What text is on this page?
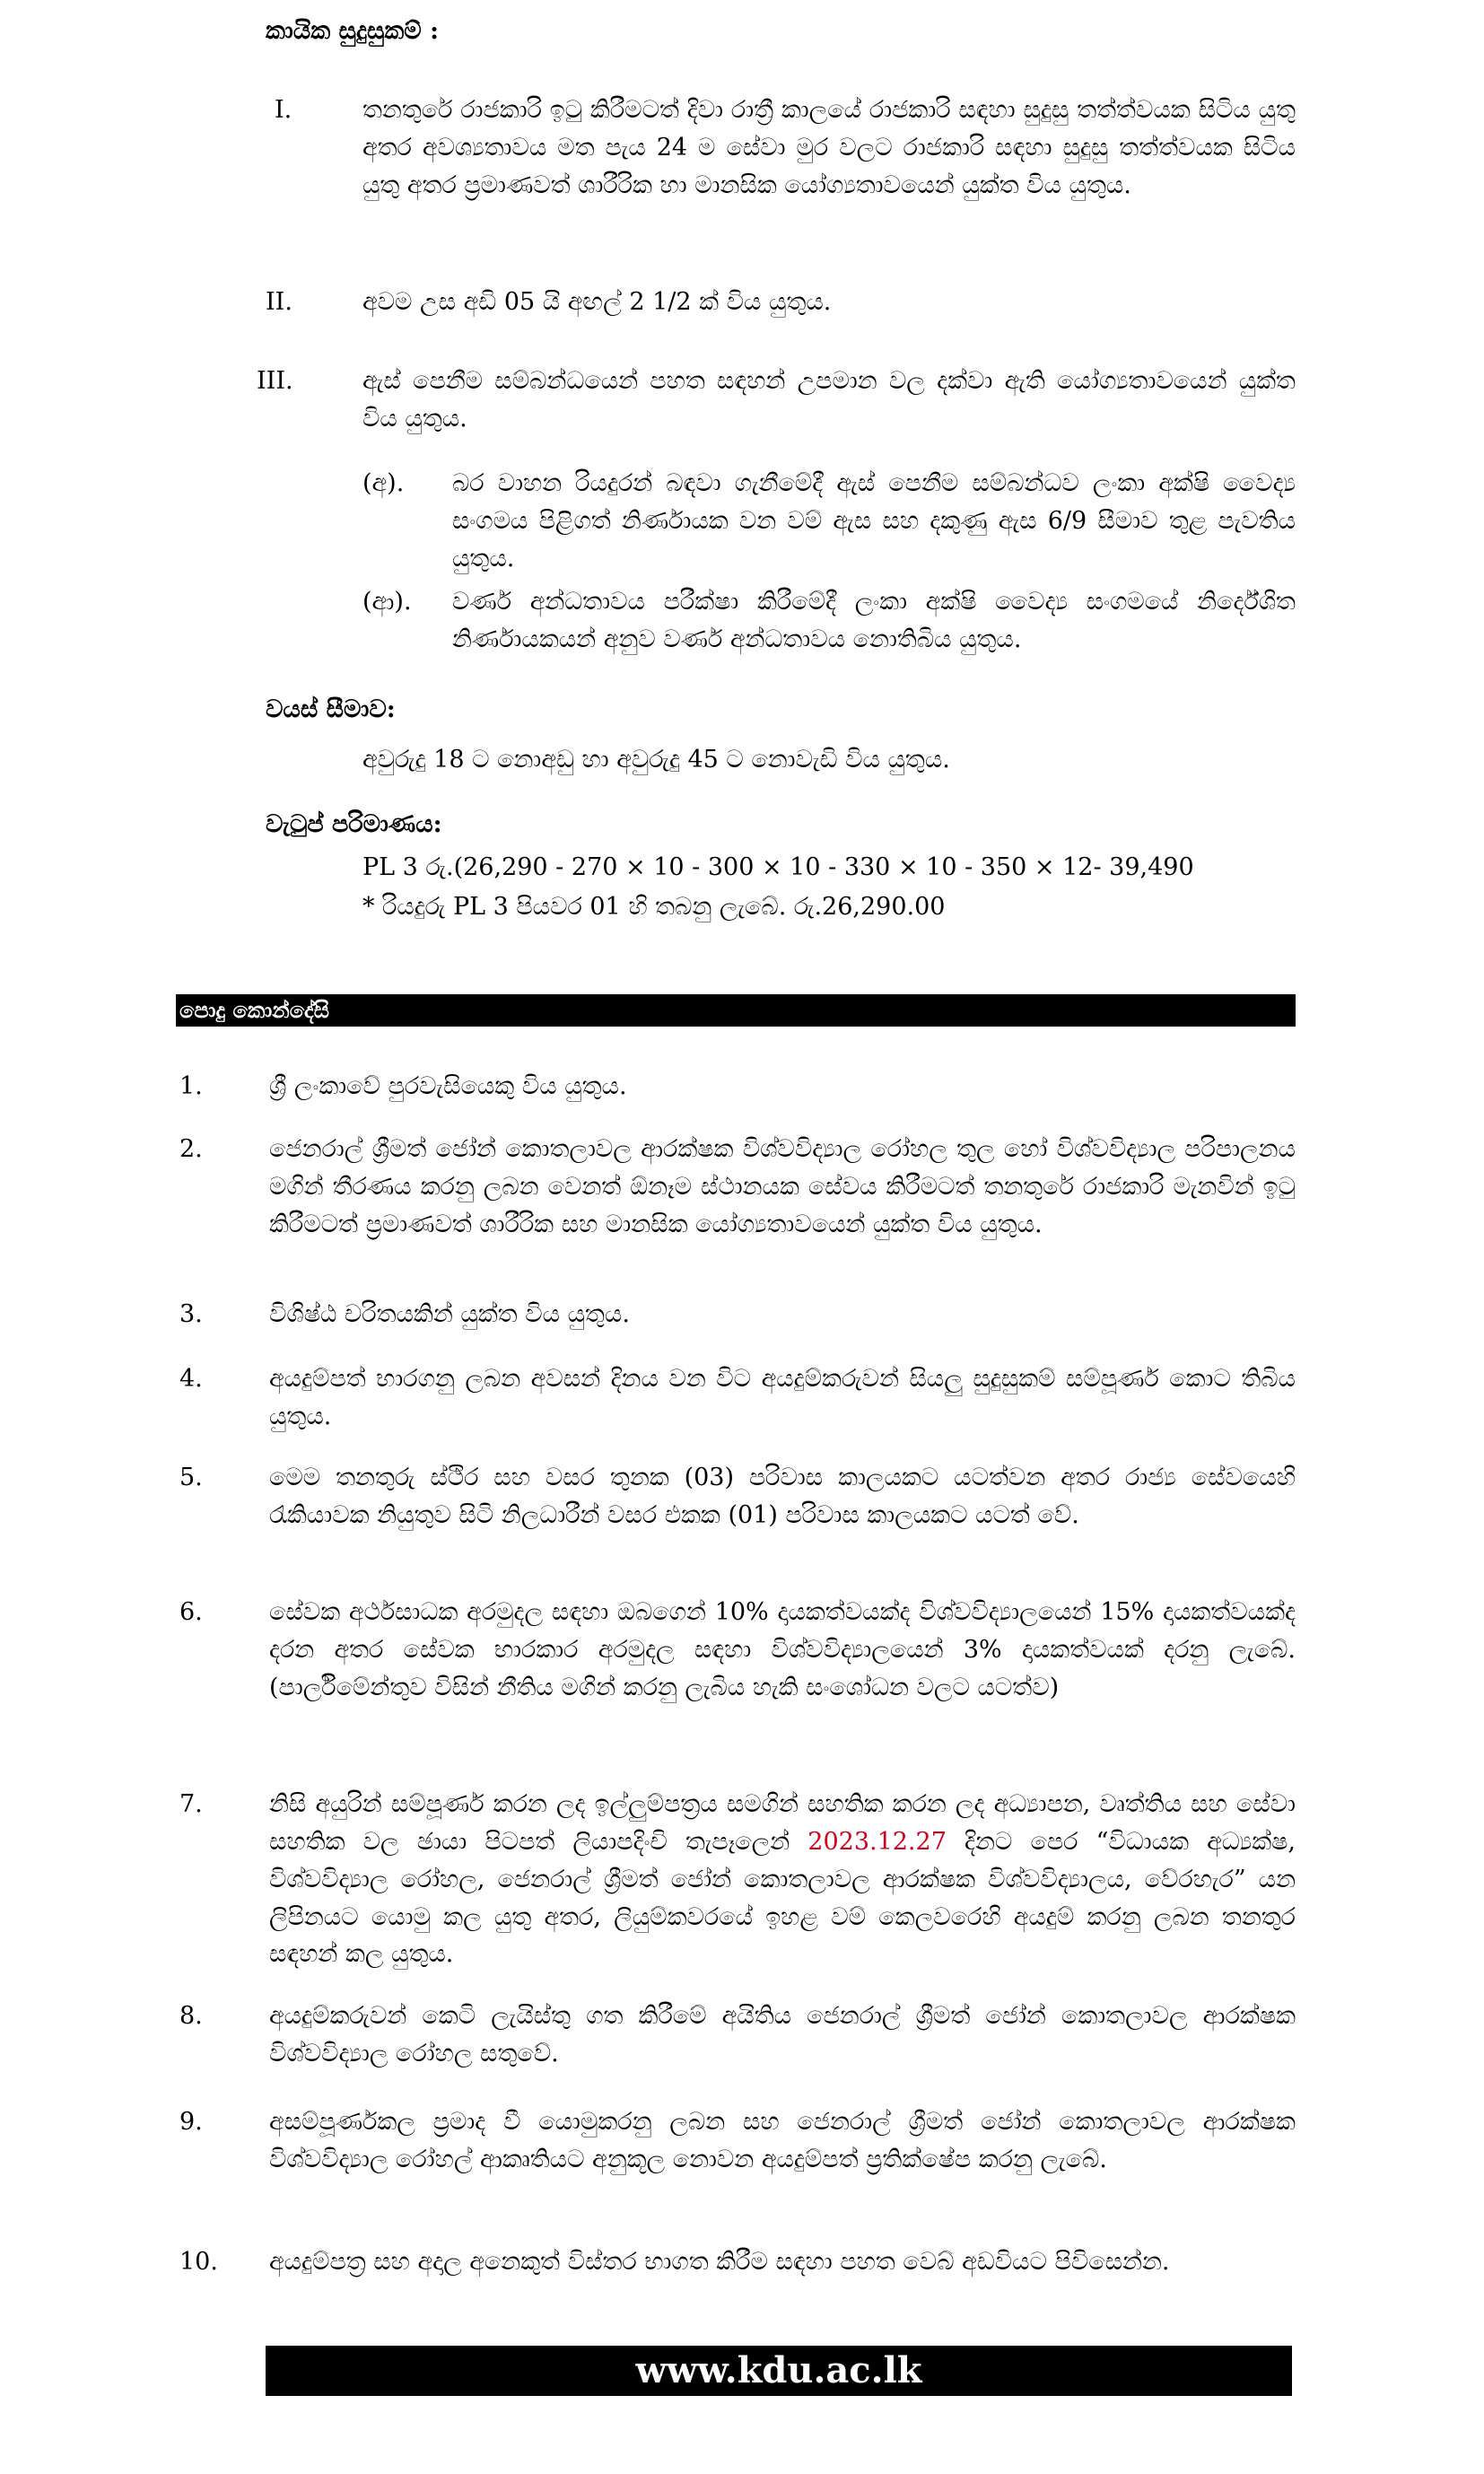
කායික සුදුසුකම් :
I.	තනතුරේ රාජකාරි ඉටු කිරීමටත් දිවා රාත්‍රී කාලයේ රාජකාරි සඳහා සුදුසු තත්ත්වයක සිටිය යුතු අතර අවශ්‍යතාවය මත පැය 24 ම සේවා මුර වලට රාජකාරි සඳහා සුදුසු තත්ත්වයක සිටිය යුතු අතර ප්‍රමාණවත් ශාරීරික හා මානසික යෝග්‍යතාවයෙන් යුක්ත විය යුතුය.
II.	අවම උස අඩි 05 යි අඟල් 2 1/2 ක් විය යුතුය.
III.	ඇස් පෙනීම සම්බන්ධයෙන් පහත සඳහන් උපමාන වල දක්වා ඇති යෝග්‍යතාවයෙන් යුක්ත විය යුතුය.
(අ). බර වාහන රියදුරන් බඳවා ගැනීමේදී ඇස් පෙනීම සම්බන්ධව ලංකා අක්ෂි වෛද්‍ය සංගමය පිළිගත් නිර්ණායක වන වම් ඇස සහ දකුණු ඇස 6/9 සීමාව තුළ පැවතිය යුතුය.
(ආ). වර්ණ අන්ධතාවය පරීක්ෂා කිරීමේදී ලංකා අක්ෂි වෛද්‍ය සංගමයේ නිර්දේශිත නිර්ණායකයන් අනුව වර්ණ අන්ධතාවය නොතිබිය යුතුය.
වයස් සීමාව:
අවුරුදු 18 ට නොඅඩු හා අවුරුදු 45 ට නොවැඩි විය යුතුය.
වැටුප් පරිමාණය:
PL 3 රු.(26,290 - 270 × 10 - 300 × 10 - 330 × 10 - 350 × 12- 39,490
* රියදුරු PL 3 පියවර 01 හි තබනු ලැබේ. රු.26,290.00
පොදු කොන්දේසි
1.	ශ්‍රී ලංකාවේ පුරවැසියෙකු විය යුතුය.
2.	ජෙනරාල් ශ්‍රීමත් ජෝන් කොතලාවල ආරක්ෂක විශ්වවිද්‍යාල රෝහල තුල හෝ විශ්වවිද්‍යාල පරිපාලනය මගින් තීරණය කරනු ලබන වෙනත් ඕනෑම ස්ථානයක සේවය කිරීමටත් තනතුරේ රාජකාරි මැනවින් ඉටු කිරීමටත් ප්‍රමාණවත් ශාරීරික සහ මානසික යෝග්‍යතාවයෙන් යුක්ත විය යුතුය.
3.	විශිෂ්ඨ චරිතයකින් යුක්ත විය යුතුය.
4.	අයදුම්පත් භාරගනු ලබන අවසන් දිනය වන විට අයදුම්කරුවන් සියලු සුදුසුකම් සම්පූර්ණ කොට තිබිය යුතුය.
5.	මෙම තනතුරු ස්ථිර සහ වසර තුනක (03) පරිවාස කාලයකට යටත්වන අතර රාජ්‍ය සේවයෙහි රැකියාවක නියුතුව සිටි නිලධාරීන් වසර එකක (01) පරිවාස කාලයකට යටත් වේ.
6.	සේවක අර්ථසාධක අරමුදල සඳහා ඔබගෙන් 10% දායකත්වයක්ද විශ්වවිද්‍යාලයෙන් 15% දායකත්වයක්ද දරන අතර සේවක භාරකාර අරමුදල සඳහා විශ්වවිද්‍යාලයෙන් 3% දායකත්වයක් දරනු ලැබේ. (පාර්ලිමේන්තුව විසින් නීතිය මගින් කරනු ලැබිය හැකි සංශෝධන වලට යටත්ව)
7.	නිසි අයුරින් සම්පූර්ණ කරන ලද ඉල්ලුම්පත්‍රය සමගින් සහතික කරන ලද අධ්‍යාපන, වෘත්තිය සහ සේවා සහතික වල ඡායා පිටපත් ලියාපදිංචි තැපෑලෙන් 2023.12.27 දිනට පෙර “විධායක අධ්‍යක්ෂ, විශ්වවිද්‍යාල රෝහල, ජෙනරාල් ශ්‍රීමත් ජෝන් කොතලාවල ආරක්ෂක විශ්වවිද්‍යාලය, වේරහැර” යන ලිපිනයට යොමු කල යුතු අතර, ලියුම්කවරයේ ඉහළ වම් කෙලවරෙහි අයදුම් කරනු ලබන තනතුර සඳහන් කල යුතුය.
8.	අයදුම්කරුවන් කෙටි ලැයිස්තු ගත කිරීමේ අයිතිය ජෙනරාල් ශ්‍රීමත් ජෝන් කොතලාවල ආරක්ෂක විශ්වවිද්‍යාල රෝහල සතුවේ.
9.	අසම්පූර්ණකල ප්‍රමාද වී යොමුකරනු ලබන සහ ජෙනරාල් ශ්‍රීමත් ජෝන් කොතලාවල ආරක්ෂක විශ්වවිද්‍යාල රෝහල් ආකෘතියට අනුකූල නොවන අයදුම්පත් ප්‍රතික්ෂේප කරනු ලැබේ.
10.	අයදුම්පත්‍ර සහ අදාල අනෙකුත් විස්තර භාගත කිරීම සඳහා පහත වෙබ් අඩවියට පිවිසෙන්න.
www.kdu.ac.lk
